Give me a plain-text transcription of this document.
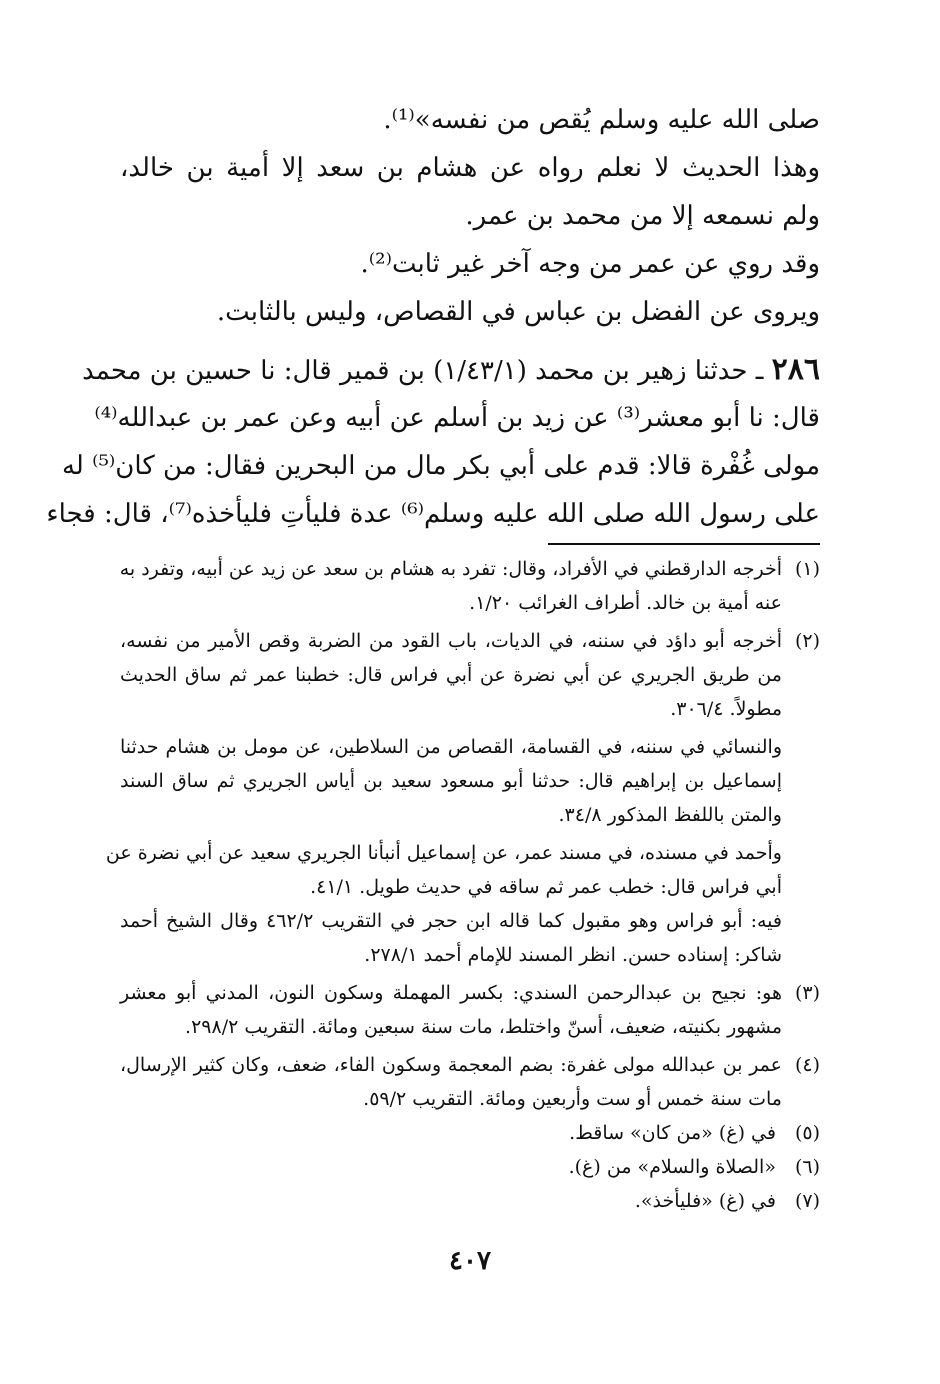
صلى الله عليه وسلم يُقص من نفسه»⁽¹⁾.
وهذا الحديث لا نعلم رواه عن هشام بن سعد إلا أمية بن خالد،
ولم نسمعه إلا من محمد بن عمر.
وقد روي عن عمر من وجه آخر غير ثابت⁽²⁾.
ويروى عن الفضل بن عباس في القصاص، وليس بالثابت.
٢٨٦ ـ حدثنا زهير بن محمد (١/٤٣/١) بن قمير قال: نا حسين بن محمد
قال: نا أبو معشر⁽³⁾ عن زيد بن أسلم عن أبيه وعن عمر بن عبدالله⁽⁴⁾
مولى غُفْرة قالا: قدم على أبي بكر مال من البحرين فقال: من كان⁽⁵⁾ له
على رسول الله صلى الله عليه وسلم⁽⁶⁾ عدة فليأتِ فليأخذه⁽⁷⁾، قال: فجاء
(١)أخرجه الدارقطني في الأفراد، وقال: تفرد به هشام بن سعد عن زيد عن أبيه، وتفرد به
عنه أمية بن خالد. أطراف الغرائب ١/٢٠.
(٢)أخرجه أبو داؤد في سننه، في الديات، باب القود من الضربة وقص الأمير من نفسه،
من طريق الجريري عن أبي نضرة عن أبي فراس قال: خطبنا عمر ثم ساق الحديث
مطولاً. ٣٠٦/٤.
والنسائي في سننه، في القسامة، القصاص من السلاطين، عن مومل بن هشام حدثنا
إسماعيل بن إبراهيم قال: حدثنا أبو مسعود سعيد بن أياس الجريري ثم ساق السند
والمتن باللفظ المذكور ٣٤/٨.
وأحمد في مسنده، في مسند عمر، عن إسماعيل أنبأنا الجريري سعيد عن أبي نضرة عن
أبي فراس قال: خطب عمر ثم ساقه في حديث طويل. ٤١/١.
فيه: أبو فراس وهو مقبول كما قاله ابن حجر في التقريب ٤٦٢/٢ وقال الشيخ أحمد
شاكر: إسناده حسن. انظر المسند للإمام أحمد ٢٧٨/١.
(٣)هو: نجيح بن عبدالرحمن السندي: بكسر المهملة وسكون النون، المدني أبو معشر
مشهور بكنيته، ضعيف، أسنّ واختلط، مات سنة سبعين ومائة. التقريب ٢٩٨/٢.
(٤)عمر بن عبدالله مولى غفرة: بضم المعجمة وسكون الفاء، ضعف، وكان كثير الإرسال،
مات سنة خمس أو ست وأربعين ومائة. التقريب ٥٩/٢.
(٥) في (غ) «من كان» ساقط.
(٦) «الصلاة والسلام» من (غ).
(٧) في (غ) «فليأخذ».
٤٠٧
